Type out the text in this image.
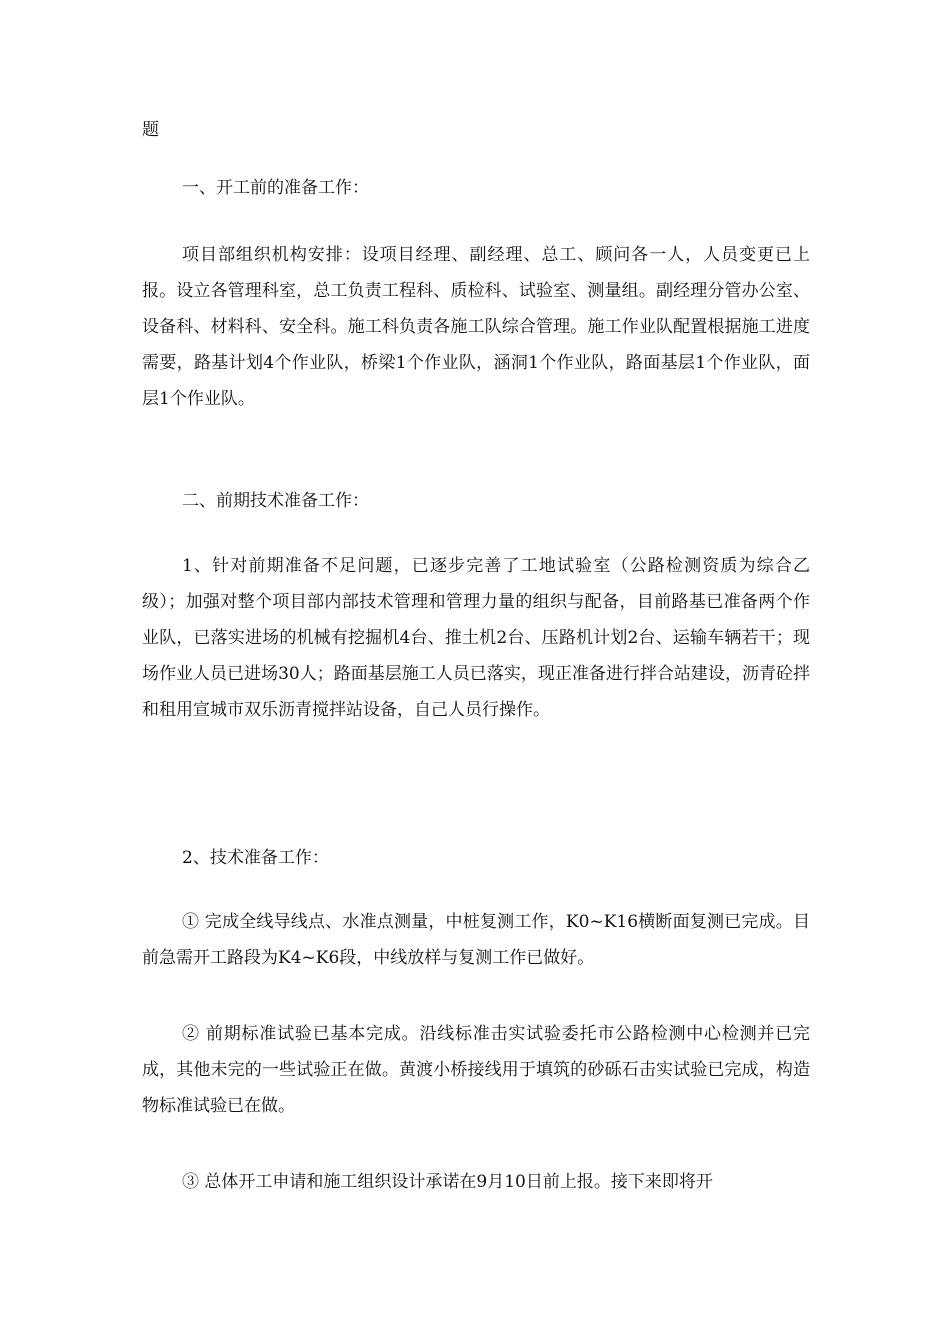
题
一、开工前的准备工作：
项目部组织机构安排：设项目经理、副经理、总工、顾问各一人，人员变更已上报。设立各管理科室，总工负责工程科、质检科、试验室、测量组。副经理分管办公室、设备科、材料科、安全科。施工科负责各施工队综合管理。施工作业队配置根据施工进度需要，路基计划4个作业队，桥梁1个作业队，涵洞1个作业队，路面基层1个作业队，面层1个作业队。
二、前期技术准备工作：
1、针对前期准备不足问题，已逐步完善了工地试验室（公路检测资质为综合乙级）；加强对整个项目部内部技术管理和管理力量的组织与配备，目前路基已准备两个作业队，已落实进场的机械有挖掘机4台、推土机2台、压路机计划2台、运输车辆若干；现场作业人员已进场30人；路面基层施工人员已落实，现正准备进行拌合站建设，沥青砼拌和租用宣城市双乐沥青搅拌站设备，自己人员行操作。
2、技术准备工作：
① 完成全线导线点、水准点测量，中桩复测工作，K0~K16横断面复测已完成。目前急需开工路段为K4~K6段，中线放样与复测工作已做好。
② 前期标准试验已基本完成。沿线标准击实试验委托市公路检测中心检测并已完成，其他未完的一些试验正在做。黄渡小桥接线用于填筑的砂砾石击实试验已完成，构造物标准试验已在做。
③ 总体开工申请和施工组织设计承诺在9月10日前上报。接下来即将开
